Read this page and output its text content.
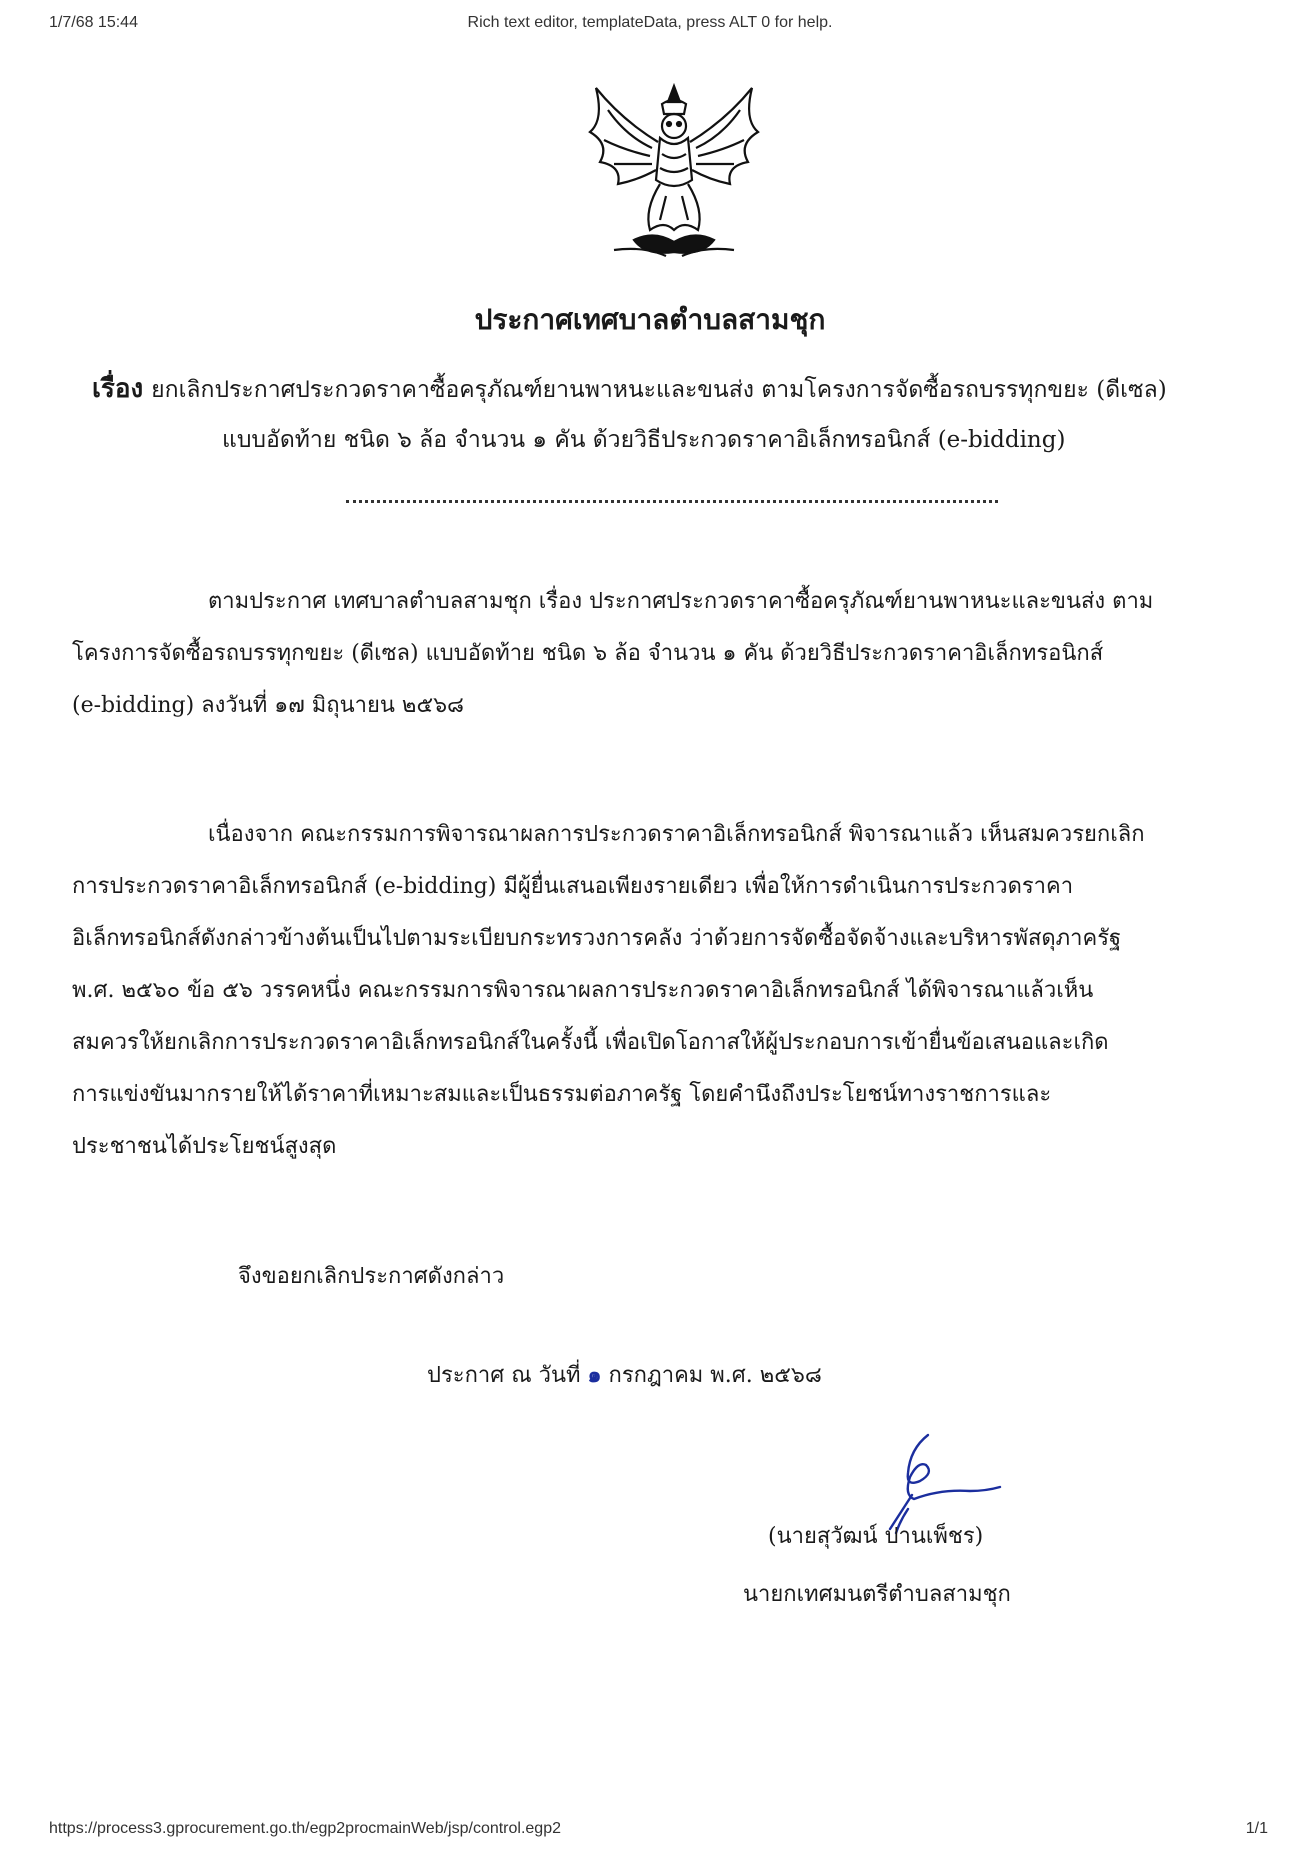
1/7/68 15:44	Rich text editor, templateData, press ALT 0 for help.
ประกาศเทศบาลตำบลสามชุก
เรื่อง ยกเลิกประกาศประกวดราคาซื้อครุภัณฑ์ยานพาหนะและขนส่ง ตามโครงการจัดซื้อรถบรรทุกขยะ (ดีเซล)
แบบอัดท้าย ชนิด ๖ ล้อ จำนวน ๑ คัน ด้วยวิธีประกวดราคาอิเล็กทรอนิกส์ (e-bidding)
ตามประกาศ เทศบาลตำบลสามชุก เรื่อง ประกาศประกวดราคาซื้อครุภัณฑ์ยานพาหนะและขนส่ง ตาม
โครงการจัดซื้อรถบรรทุกขยะ (ดีเซล) แบบอัดท้าย ชนิด ๖ ล้อ จำนวน ๑ คัน ด้วยวิธีประกวดราคาอิเล็กทรอนิกส์
(e-bidding) ลงวันที่ ๑๗ มิถุนายน ๒๕๖๘
เนื่องจาก คณะกรรมการพิจารณาผลการประกวดราคาอิเล็กทรอนิกส์ พิจารณาแล้ว เห็นสมควรยกเลิก
การประกวดราคาอิเล็กทรอนิกส์ (e-bidding) มีผู้ยื่นเสนอเพียงรายเดียว เพื่อให้การดำเนินการประกวดราคา
อิเล็กทรอนิกส์ดังกล่าวข้างต้นเป็นไปตามระเบียบกระทรวงการคลัง ว่าด้วยการจัดซื้อจัดจ้างและบริหารพัสดุภาครัฐ
พ.ศ. ๒๕๖๐ ข้อ ๕๖ วรรคหนึ่ง คณะกรรมการพิจารณาผลการประกวดราคาอิเล็กทรอนิกส์ ได้พิจารณาแล้วเห็น
สมควรให้ยกเลิกการประกวดราคาอิเล็กทรอนิกส์ในครั้งนี้ เพื่อเปิดโอกาสให้ผู้ประกอบการเข้ายื่นข้อเสนอและเกิด
การแข่งขันมากรายให้ได้ราคาที่เหมาะสมและเป็นธรรมต่อภาครัฐ โดยคำนึงถึงประโยชน์ทางราชการและ
ประชาชนได้ประโยชน์สูงสุด
จึงขอยกเลิกประกาศดังกล่าว
ประกาศ ณ วันที่ ๑ กรกฎาคม พ.ศ. ๒๕๖๘
(นายสุวัฒน์ ปานเพ็ชร)
นายกเทศมนตรีตำบลสามชุก
https://process3.gprocurement.go.th/egp2procmainWeb/jsp/control.egp2	1/1
